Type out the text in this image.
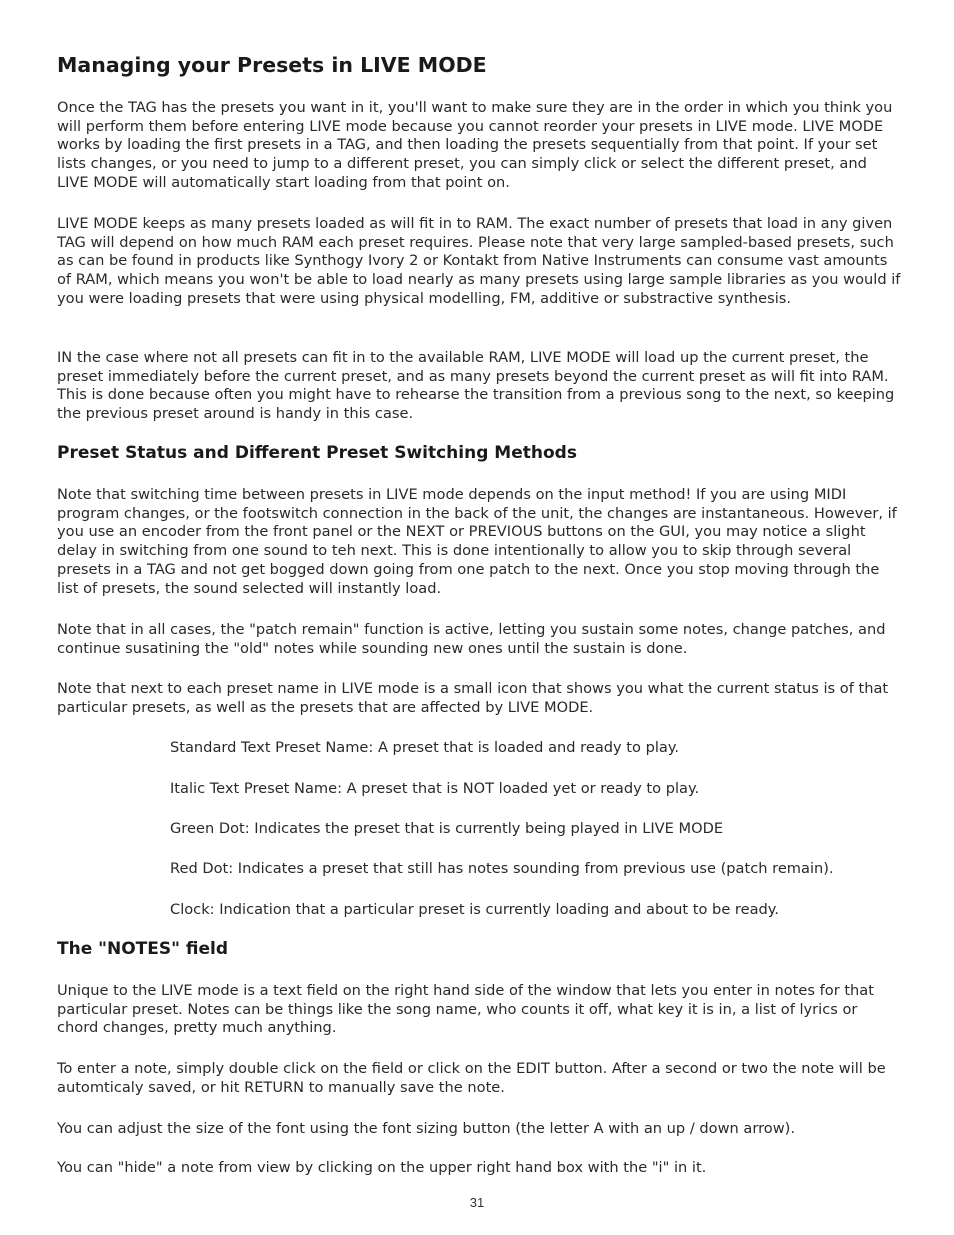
Managing your Presets in LIVE MODE

Once the TAG has the presets you want in it, you'll want to make sure they are in the order in which you think you will perform them before entering LIVE mode because you cannot reorder your presets in LIVE mode. LIVE MODE works by loading the first presets in a TAG, and then loading the presets sequentially from that point. If your set lists changes, or you need to jump to a different preset, you can simply click or select the different preset, and LIVE MODE will automatically start loading from that point on.

LIVE MODE keeps as many presets loaded as will fit in to RAM. The exact number of presets that load in any given TAG will depend on how much RAM each preset requires. Please note that very large sampled-based presets, such as can be found in products like Synthogy Ivory 2 or Kontakt from Native Instruments can consume vast amounts of RAM, which means you won't be able to load nearly as many presets using large sample libraries as you would if you were loading presets that were using physical modelling, FM, additive or substractive synthesis.

IN the case where not all presets can fit in to the available RAM, LIVE MODE will load up the current preset, the preset immediately before the current preset, and as many presets beyond the current preset as will fit into RAM. This is done because often you might have to rehearse the transition from a previous song to the next, so keeping the previous preset around is handy in this case.

Preset Status and Different Preset Switching Methods

Note that switching time between presets in LIVE mode depends on the input method! If you are using MIDI program changes, or the footswitch connection in the back of the unit, the changes are instantaneous. However, if you use an encoder from the front panel or the NEXT or PREVIOUS buttons on the GUI, you may notice a slight delay in switching from one sound to teh next. This is done intentionally to allow you to skip through several presets in a TAG and not get bogged down going from one patch to the next. Once you stop moving through the list of presets, the sound selected will instantly load.

Note that in all cases, the "patch remain" function is active, letting you sustain some notes, change patches, and continue susatining the "old" notes while sounding new ones until the sustain is done.

Note that next to each preset name in LIVE mode is a small icon that shows you what the current status is of that particular presets, as well as the presets that are affected by LIVE MODE.

Standard Text Preset Name: A preset that is loaded and ready to play.

Italic Text Preset Name: A preset that is NOT loaded yet or ready to play.

Green Dot: Indicates the preset that is currently being played in LIVE MODE

Red Dot: Indicates a preset that still has notes sounding from previous use (patch remain).

Clock: Indication that a particular preset is currently loading and about to be ready.

The "NOTES" field

Unique to the LIVE mode is a text field on the right hand side of the window that lets you enter in notes for that particular preset. Notes can be things like the song name, who counts it off, what key it is in, a list of lyrics or chord changes, pretty much anything.

To enter a note, simply double click on the field or click on the EDIT button. After a second or two the note will be automticaly saved, or hit RETURN to manually save the note.

You can adjust the size of the font using the font sizing button (the letter A with an up / down arrow).

You can "hide" a note from view by clicking on the upper right hand box with the "i" in it.

31
